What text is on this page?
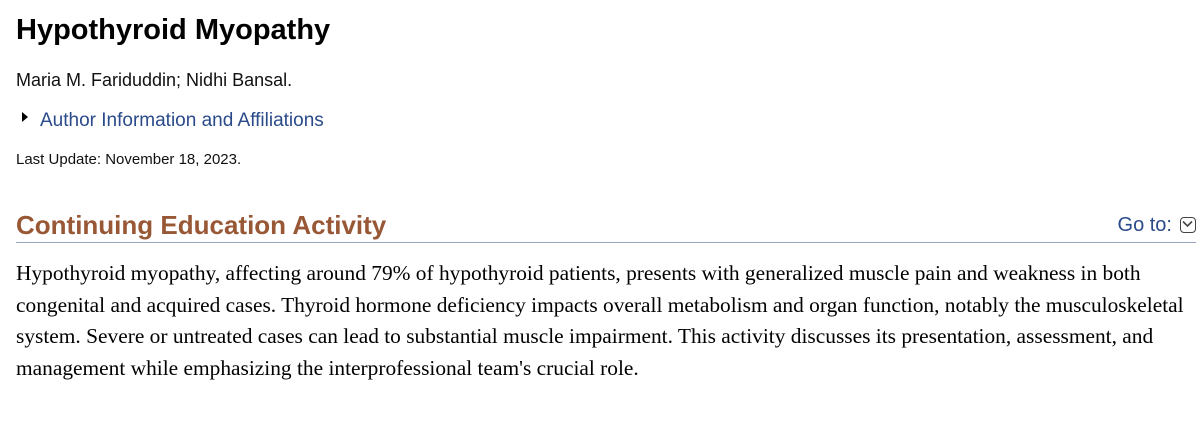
Hypothyroid Myopathy
Maria M. Fariduddin; Nidhi Bansal.
Author Information and Affiliations
Last Update: November 18, 2023.
Continuing Education Activity	Go to:

Hypothyroid myopathy, affecting around 79% of hypothyroid patients, presents with generalized muscle pain and weakness in both congenital and acquired cases. Thyroid hormone deficiency impacts overall metabolism and organ function, notably the musculoskeletal system. Severe or untreated cases can lead to substantial muscle impairment. This activity discusses its presentation, assessment, and management while emphasizing the interprofessional team's crucial role.
